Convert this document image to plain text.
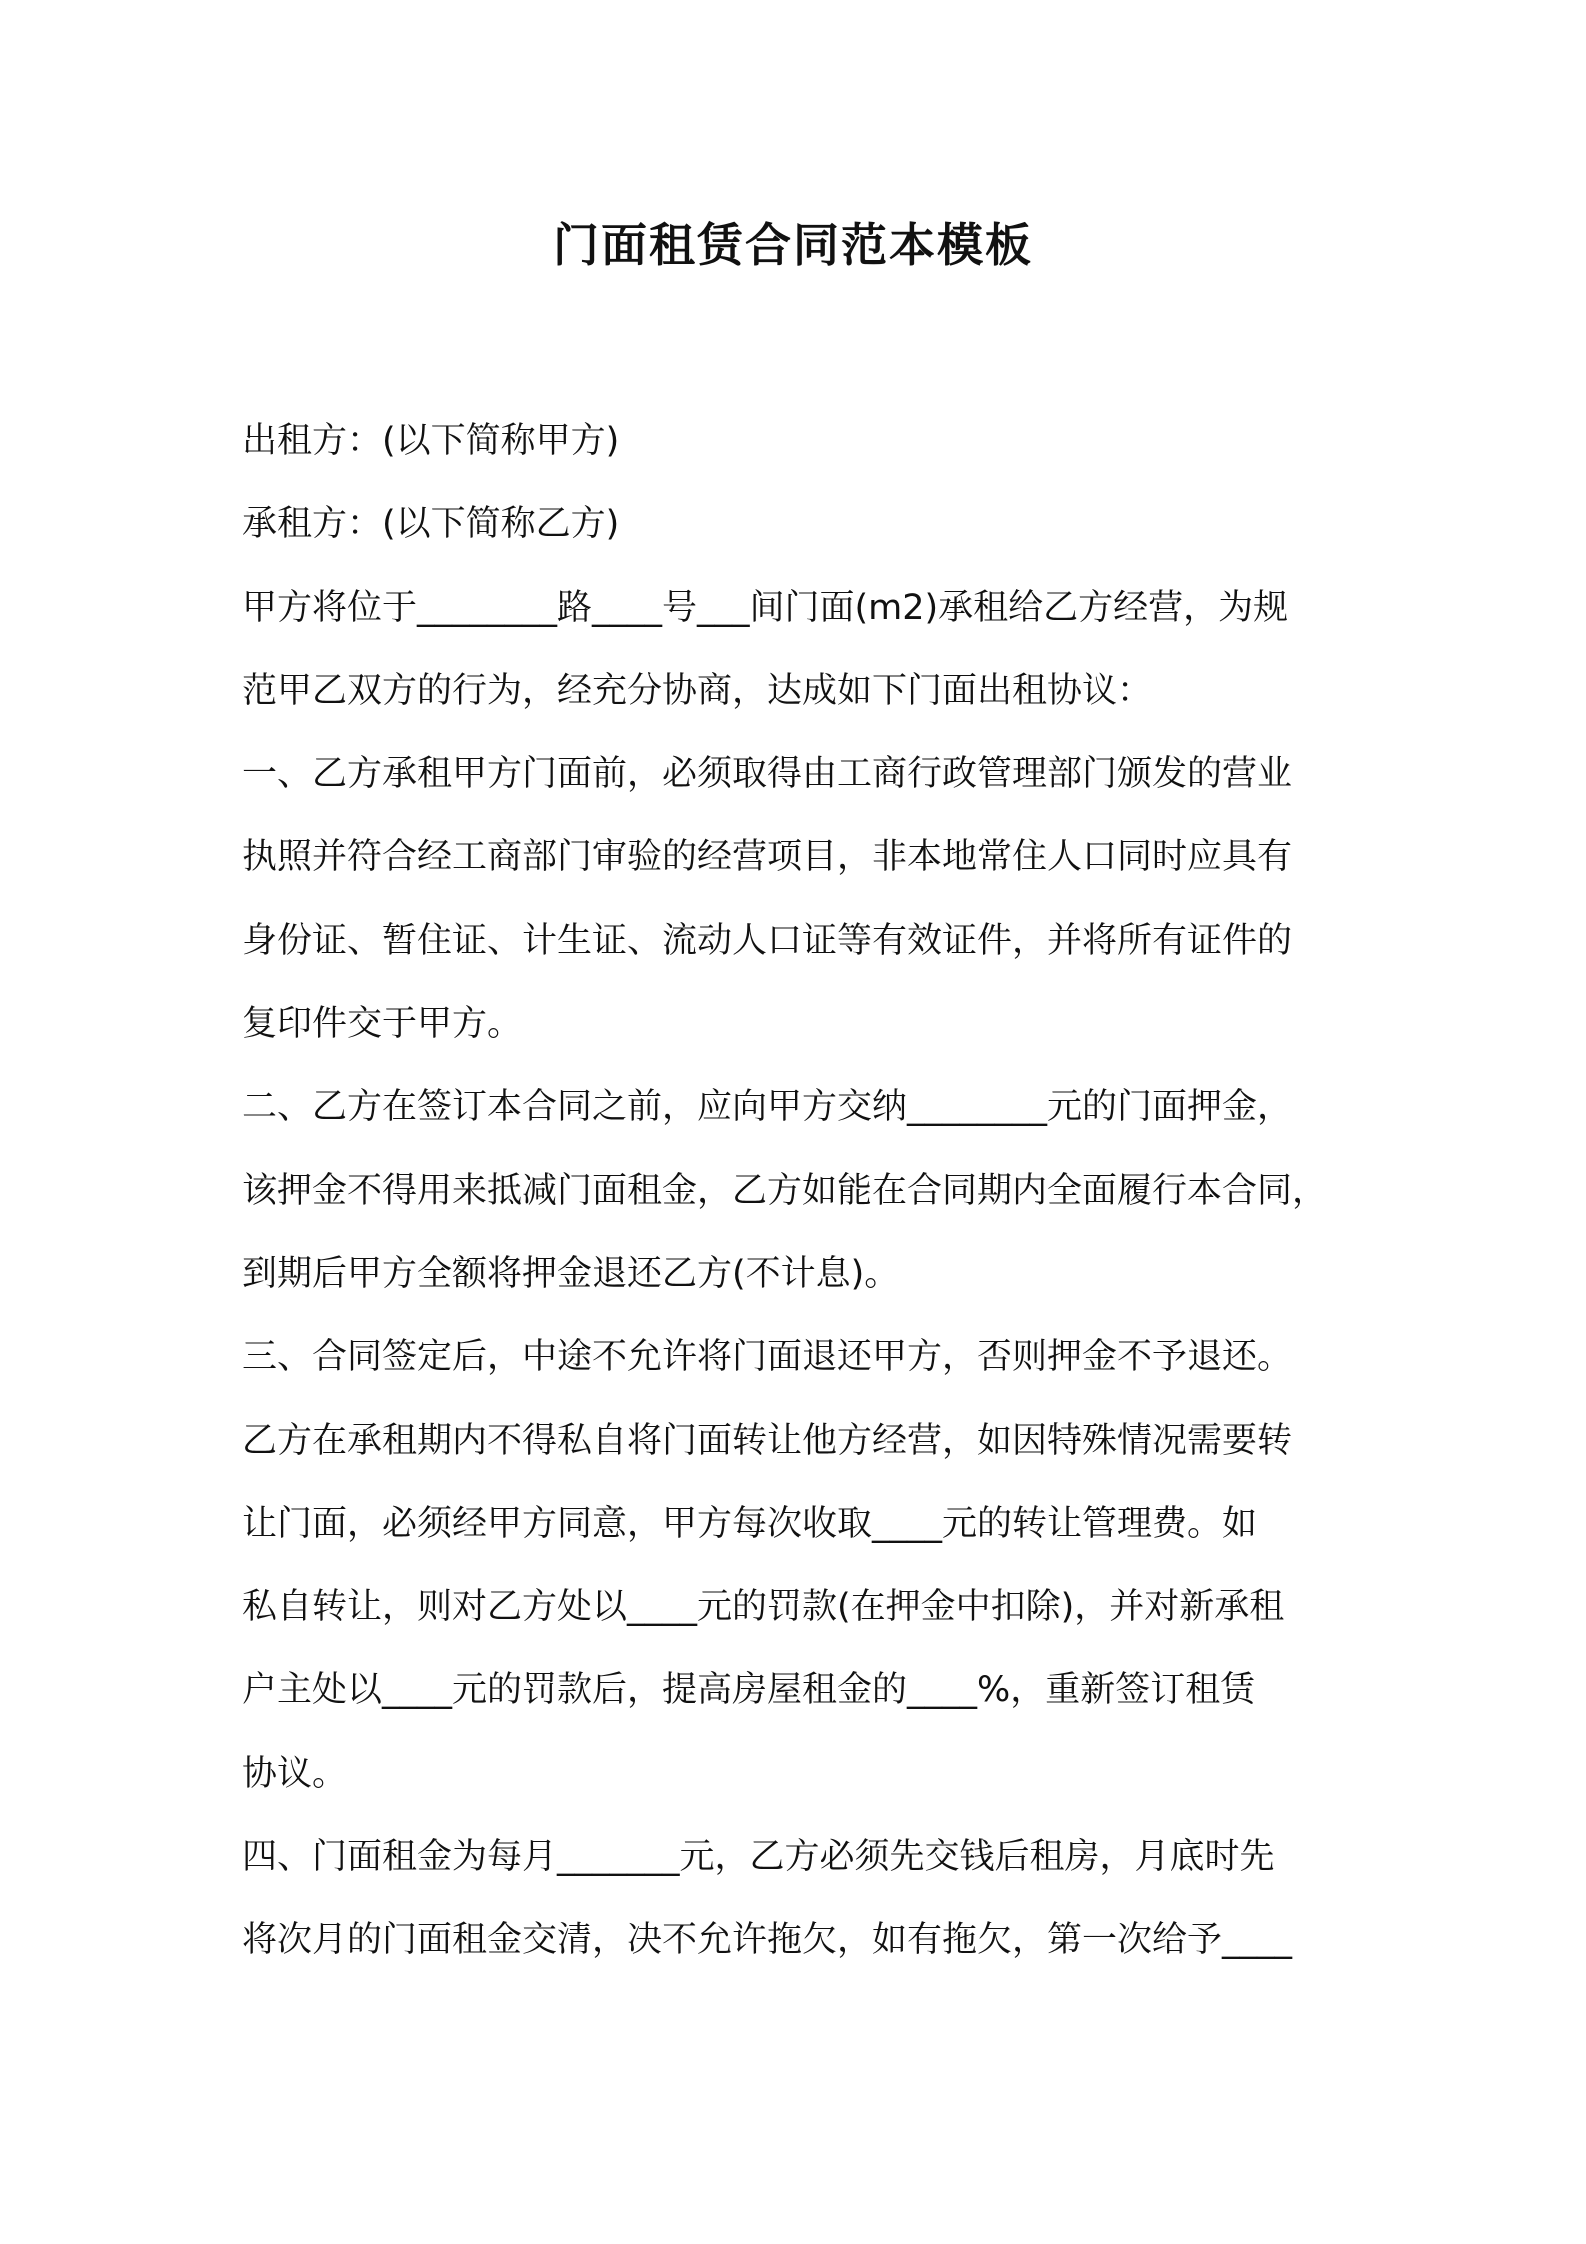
门面租赁合同范本模板
出租方：(以下简称甲方)
承租方：(以下简称乙方)
甲方将位于________路____号___间门面(m2)承租给乙方经营，为规
范甲乙双方的行为，经充分协商，达成如下门面出租协议：
一、乙方承租甲方门面前，必须取得由工商行政管理部门颁发的营业
执照并符合经工商部门审验的经营项目，非本地常住人口同时应具有
身份证、暂住证、计生证、流动人口证等有效证件，并将所有证件的
复印件交于甲方。
二、乙方在签订本合同之前，应向甲方交纳________元的门面押金，
该押金不得用来抵减门面租金，乙方如能在合同期内全面履行本合同，
到期后甲方全额将押金退还乙方(不计息)。
三、合同签定后，中途不允许将门面退还甲方，否则押金不予退还。
乙方在承租期内不得私自将门面转让他方经营，如因特殊情况需要转
让门面，必须经甲方同意，甲方每次收取____元的转让管理费。如
私自转让，则对乙方处以____元的罚款(在押金中扣除)，并对新承租
户主处以____元的罚款后，提高房屋租金的____%，重新签订租赁
协议。
四、门面租金为每月_______元，乙方必须先交钱后租房，月底时先
将次月的门面租金交清，决不允许拖欠，如有拖欠，第一次给予____
